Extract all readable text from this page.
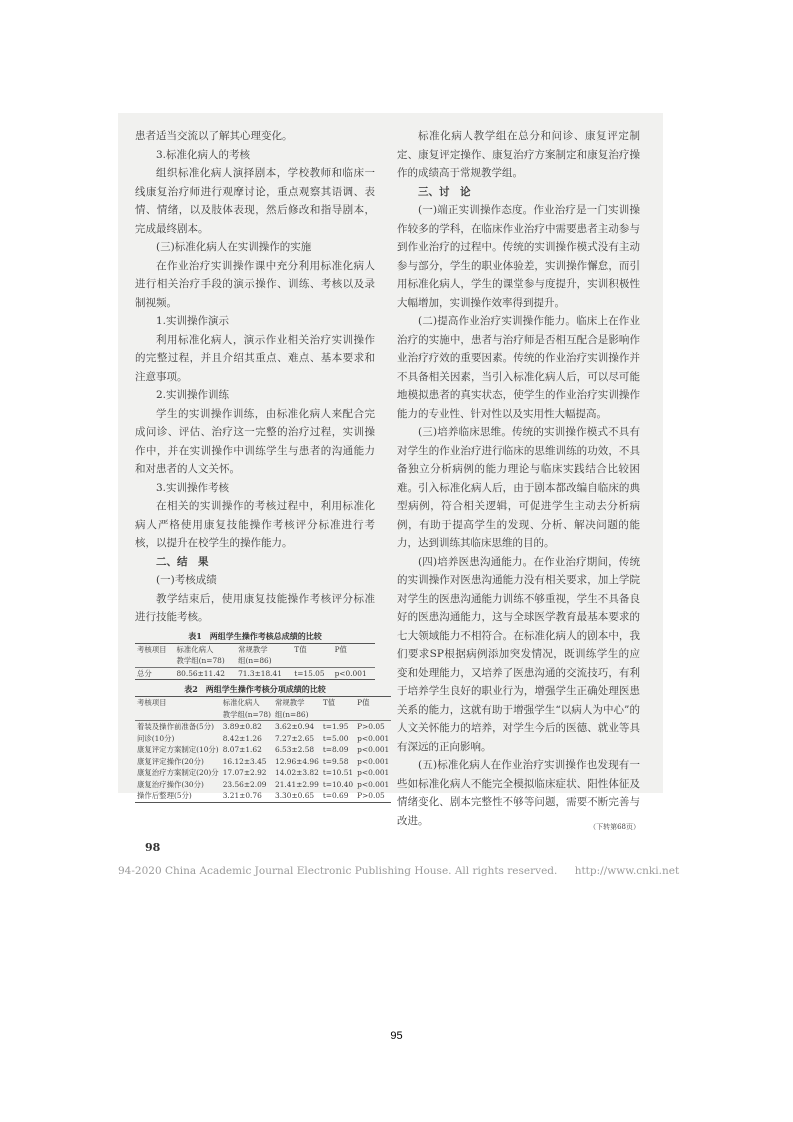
患者适当交流以了解其心理变化。

3.标准化病人的考核

组织标准化病人演择剧本，学校教师和临床一线康复治疗师进行观摩讨论，重点观察其语调、表情、情绪，以及肢体表现，然后修改和指导剧本，完成最终剧本。

(三)标准化病人在实训操作的实施

在作业治疗实训操作课中充分利用标准化病人进行相关治疗手段的演示操作、训练、考核以及录制视频。

1.实训操作演示

利用标准化病人，演示作业相关治疗实训操作的完整过程，并且介绍其重点、难点、基本要求和注意事项。

2.实训操作训练

学生的实训操作训练，由标准化病人来配合完成问诊、评估、治疗这一完整的治疗过程，实训操作中，并在实训操作中训练学生与患者的沟通能力和对患者的人文关怀。

3.实训操作考核

在相关的实训操作的考核过程中，利用标准化病人严格使用康复技能操作考核评分标准进行考核，以提升在校学生的操作能力。

二、结　果
(一)考核成绩

教学结束后，使用康复技能操作考核评分标准进行技能考核。

表1　两组学生操作考核总成绩的比较
考核项目	标准化病人	常规教学	T值	P值
	教学组(n=78)	组(n=86)		
总分	80.56±11.42	71.3±18.41	t=15.05	p<0.001
表2　两组学生操作考核分项成绩的比较
考核项目	标准化病人	常规教学	T值	P值
	教学组(n=78)	组(n=86)		
着装及操作前准备(5分)	3.89±0.82	3.62±0.94	t=1.95	P>0.05
问诊(10分)	8.42±1.26	7.27±2.65	t=5.00	p<0.001
康复评定方案制定(10分)	8.07±1.62	6.53±2.58	t=8.09	p<0.001
康复评定操作(20分)	16.12±3.45	12.96±4.96	t=9.58	p<0.001
康复治疗方案制定(20)分	17.07±2.92	14.02±3.82	t=10.51	p<0.001
康复治疗操作(30分)	23.56±2.09	21.41±2.99	t=10.40	p<0.001
操作后整理(5分)	3.21±0.76	3.30±0.65	t=0.69	P>0.05

标准化病人教学组在总分和问诊、康复评定制定、康复评定操作、康复治疗方案制定和康复治疗操作的成绩高于常规教学组。

三、讨　论

(一)端正实训操作态度。作业治疗是一门实训操作较多的学科，在临床作业治疗中需要患者主动参与到作业治疗的过程中。传统的实训操作模式没有主动参与部分，学生的职业体验差，实训操作懈怠，而引用标准化病人，学生的课堂参与度提升，实训积极性大幅增加，实训操作效率得到提升。

(二)提高作业治疗实训操作能力。临床上在作业治疗的实施中，患者与治疗师是否相互配合是影响作业治疗疗效的重要因素。传统的作业治疗实训操作并不具备相关因素，当引入标准化病人后，可以尽可能地模拟患者的真实状态，使学生的作业治疗实训操作能力的专业性、针对性以及实用性大幅提高。

(三)培养临床思维。传统的实训操作模式不具有对学生的作业治疗进行临床的思维训练的功效，不具备独立分析病例的能力理论与临床实践结合比较困难。引入标准化病人后，由于剧本都改编自临床的典型病例，符合相关逻辑，可促进学生主动去分析病例，有助于提高学生的发现、分析、解决问题的能力，达到训练其临床思维的目的。

(四)培养医患沟通能力。在作业治疗期间，传统的实训操作对医患沟通能力没有相关要求，加上学院对学生的医患沟通能力训练不够重视，学生不具备良好的医患沟通能力，这与全球医学教育最基本要求的七大领域能力不相符合。在标准化病人的剧本中，我们要求SP根据病例添加突发情况，既训练学生的应变和处理能力，又培养了医患沟通的交流技巧，有利于培养学生良好的职业行为，增强学生正确处理医患关系的能力，这就有助于增强学生“以病人为中心”的人文关怀能力的培养，对学生今后的医德、就业等具有深远的正向影响。

(五)标准化病人在作业治疗实训操作也发现有一些如标准化病人不能完全模拟临床症状、阳性体征及情绪变化、剧本完整性不够等问题，需要不断完善与改进。

（下转第68页）
98
94-2020 China Academic Journal Electronic Publishing House. All rights reserved. http://www.cnki.net
95
